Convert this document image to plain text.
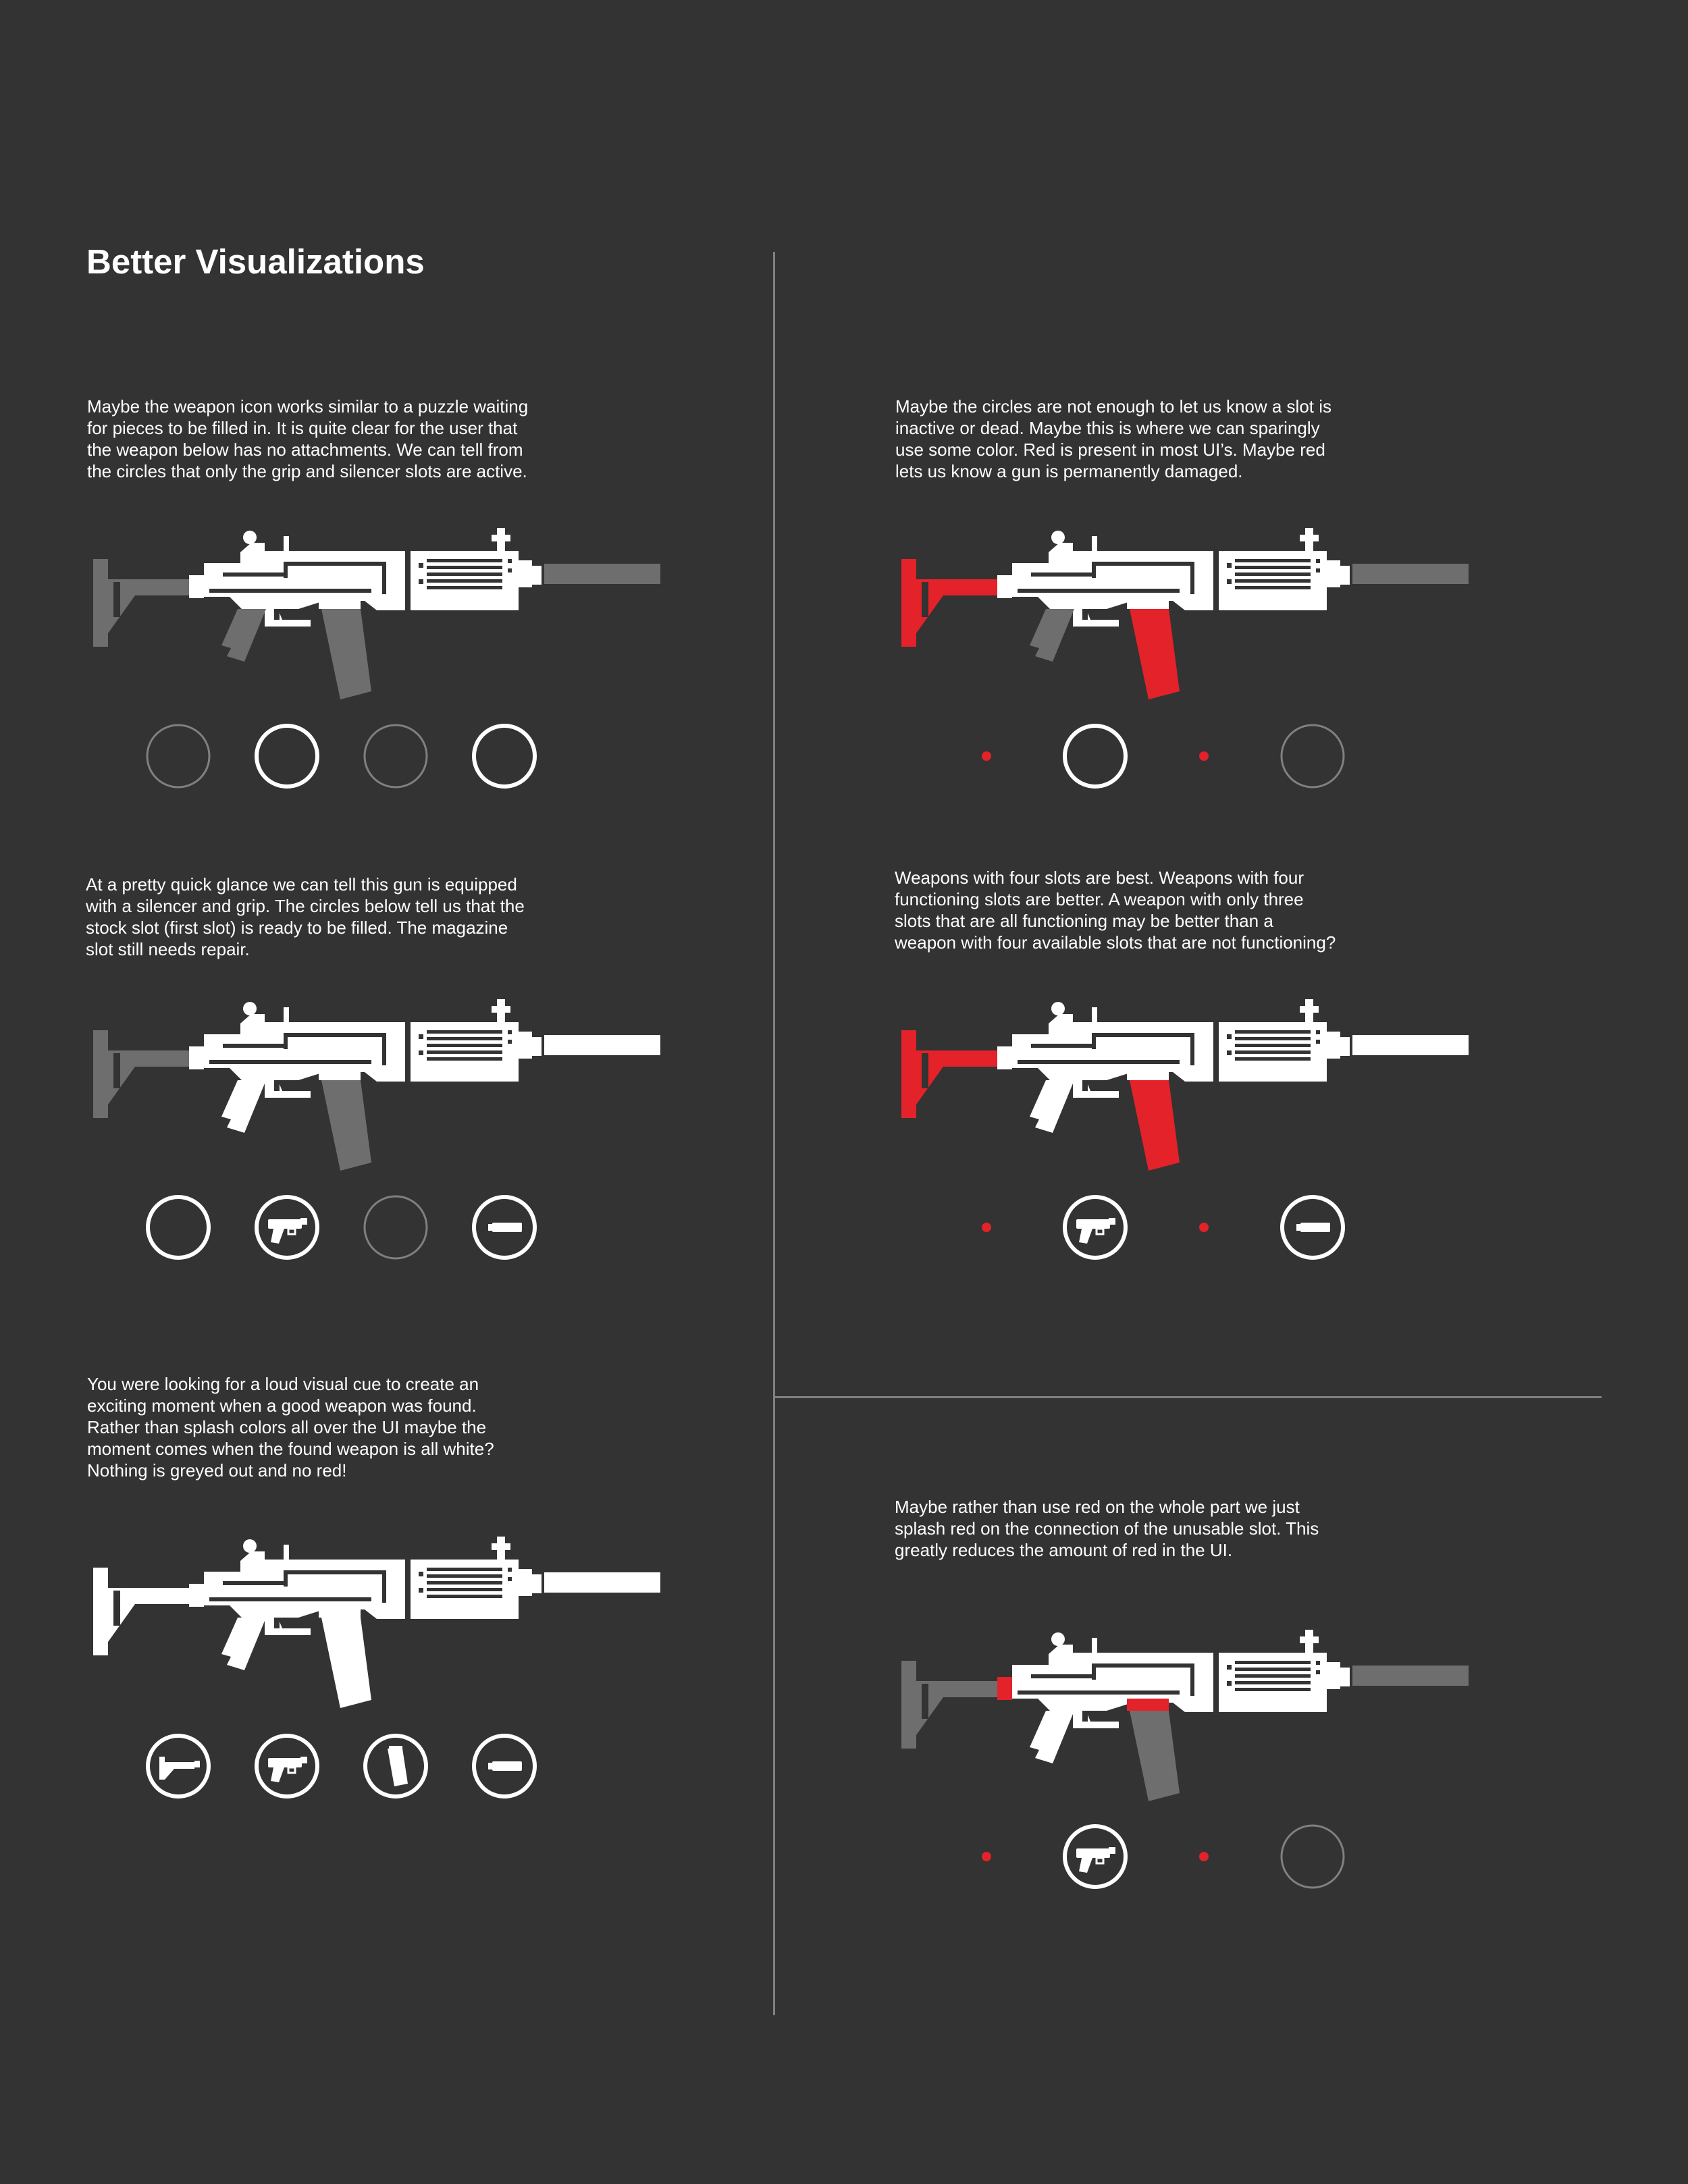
Better Visualizations

Maybe the weapon icon works similar to a puzzle waiting
for pieces to be filled in. It is quite clear for the user that
the weapon below has no attachments. We can tell from
the circles that only the grip and silencer slots are active.

At a pretty quick glance we can tell this gun is equipped
with a silencer and grip. The circles below tell us that the
stock slot (first slot) is ready to be filled. The magazine
slot still needs repair.

You were looking for a loud visual cue to create an
exciting moment when a good weapon was found.
Rather than splash colors all over the UI maybe the
moment comes when the found weapon is all white?
Nothing is greyed out and no red!

Maybe the circles are not enough to let us know a slot is
inactive or dead. Maybe this is where we can sparingly
use some color. Red is present in most UI’s. Maybe red
lets us know a gun is permanently damaged.

Weapons with four slots are best. Weapons with four
functioning slots are better. A weapon with only three
slots that are all functioning may be better than a
weapon with four available slots that are not functioning?

Maybe rather than use red on the whole part we just
splash red on the connection of the unusable slot. This
greatly reduces the amount of red in the UI.
